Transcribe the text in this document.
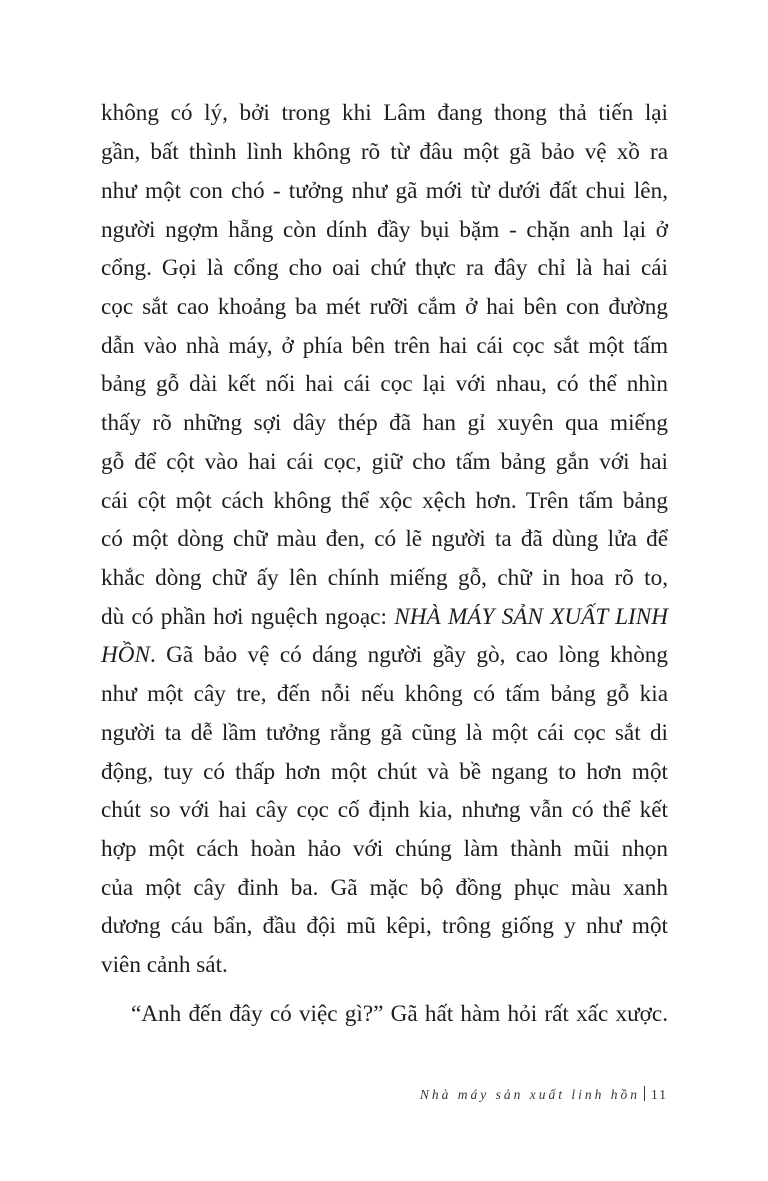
không có lý, bởi trong khi Lâm đang thong thả tiến lại
gần, bất thình lình không rõ từ đâu một gã bảo vệ xồ ra
như một con chó - tưởng như gã mới từ dưới đất chui lên,
người ngợm hẵng còn dính đầy bụi bặm - chặn anh lại ở
cổng. Gọi là cổng cho oai chứ thực ra đây chỉ là hai cái
cọc sắt cao khoảng ba mét rưỡi cắm ở hai bên con đường
dẫn vào nhà máy, ở phía bên trên hai cái cọc sắt một tấm
bảng gỗ dài kết nối hai cái cọc lại với nhau, có thể nhìn
thấy rõ những sợi dây thép đã han gỉ xuyên qua miếng
gỗ để cột vào hai cái cọc, giữ cho tấm bảng gắn với hai
cái cột một cách không thể xộc xệch hơn. Trên tấm bảng
có một dòng chữ màu đen, có lẽ người ta đã dùng lửa để
khắc dòng chữ ấy lên chính miếng gỗ, chữ in hoa rõ to,
dù có phần hơi nguệch ngoạc: NHÀ MÁY SẢN XUẤT LINH
HỒN. Gã bảo vệ có dáng người gầy gò, cao lòng khòng
như một cây tre, đến nỗi nếu không có tấm bảng gỗ kia
người ta dễ lầm tưởng rằng gã cũng là một cái cọc sắt di
động, tuy có thấp hơn một chút và bề ngang to hơn một
chút so với hai cây cọc cố định kia, nhưng vẫn có thể kết
hợp một cách hoàn hảo với chúng làm thành mũi nhọn
của một cây đinh ba. Gã mặc bộ đồng phục màu xanh
dương cáu bẩn, đầu đội mũ kêpi, trông giống y như một
viên cảnh sát.
“Anh đến đây có việc gì?” Gã hất hàm hỏi rất xấc xược.
Nhà máy sản xuất linh hồn 11
